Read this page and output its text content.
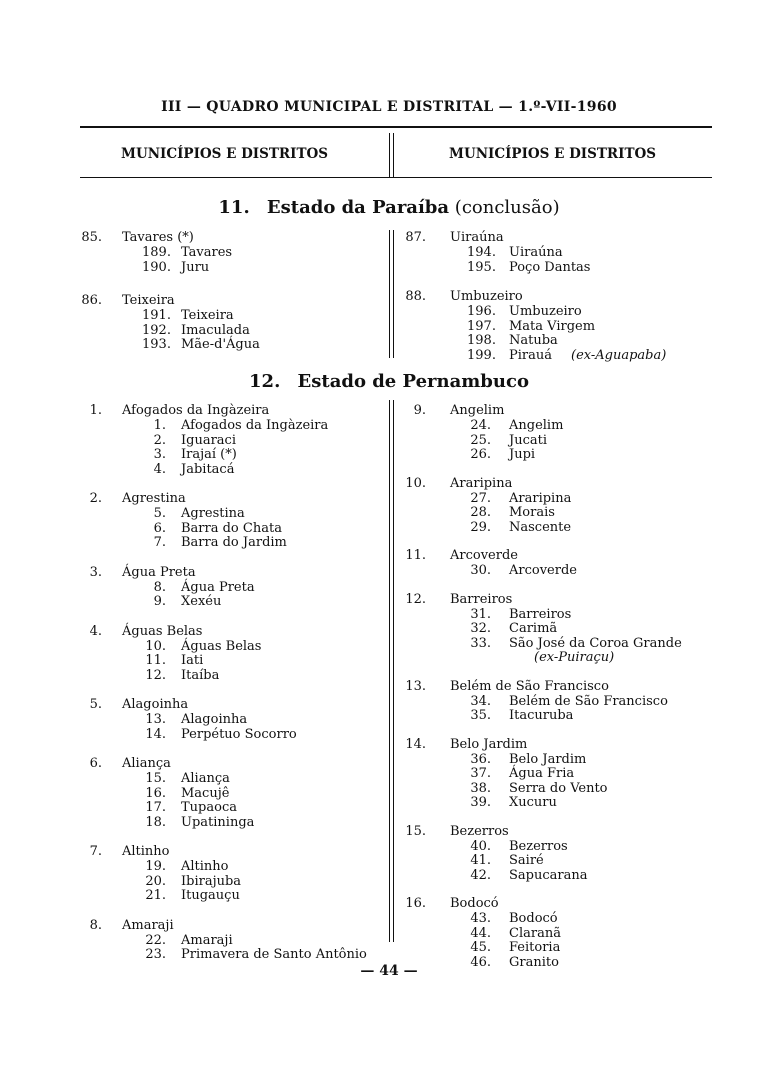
III — QUADRO MUNICIPAL E DISTRITAL — 1.º-VII-1960
MUNICÍPIOS E DISTRITOS	MUNICÍPIOS E DISTRITOS
11. Estado da Paraíba (conclusão)
12. Estado de Pernambuco
85. Tavares (*)
189. Tavares
190. Juru
86. Teixeira
191. Teixeira
192. Imaculada
193. Mãe-d'Água
87. Uiraúna
194. Uiraúna
195. Poço Dantas
88. Umbuzeiro
196. Umbuzeiro
197. Mata Virgem
198. Natuba
199. Pirauá (ex-Aguapaba)
1. Afogados da Ingàzeira
1. Afogados da Ingàzeira
2. Iguaraci
3. Irajaí (*)
4. Jabitacá
2. Agrestina
5. Agrestina
6. Barra do Chata
7. Barra do Jardim
3. Água Preta
8. Água Preta
9. Xexéu
4. Águas Belas
10. Águas Belas
11. Iati
12. Itaíba
5. Alagoinha
13. Alagoinha
14. Perpétuo Socorro
6. Aliança
15. Aliança
16. Macujê
17. Tupaoca
18. Upatininga
7. Altinho
19. Altinho
20. Ibirajuba
21. Itugauçu
8. Amaraji
22. Amaraji
23. Primavera de Santo Antônio
9. Angelim
24. Angelim
25. Jucati
26. Jupi
10. Araripina
27. Araripina
28. Morais
29. Nascente
11. Arcoverde
30. Arcoverde
12. Barreiros
31. Barreiros
32. Carimã
33. São José da Coroa Grande
(ex-Puiraçu)
13. Belém de São Francisco
34. Belém de São Francisco
35. Itacuruba
14. Belo Jardim
36. Belo Jardim
37. Água Fria
38. Serra do Vento
39. Xucuru
15. Bezerros
40. Bezerros
41. Sairé
42. Sapucarana
16. Bodocó
43. Bodocó
44. Claranã
45. Feitoria
46. Granito
— 44 —
